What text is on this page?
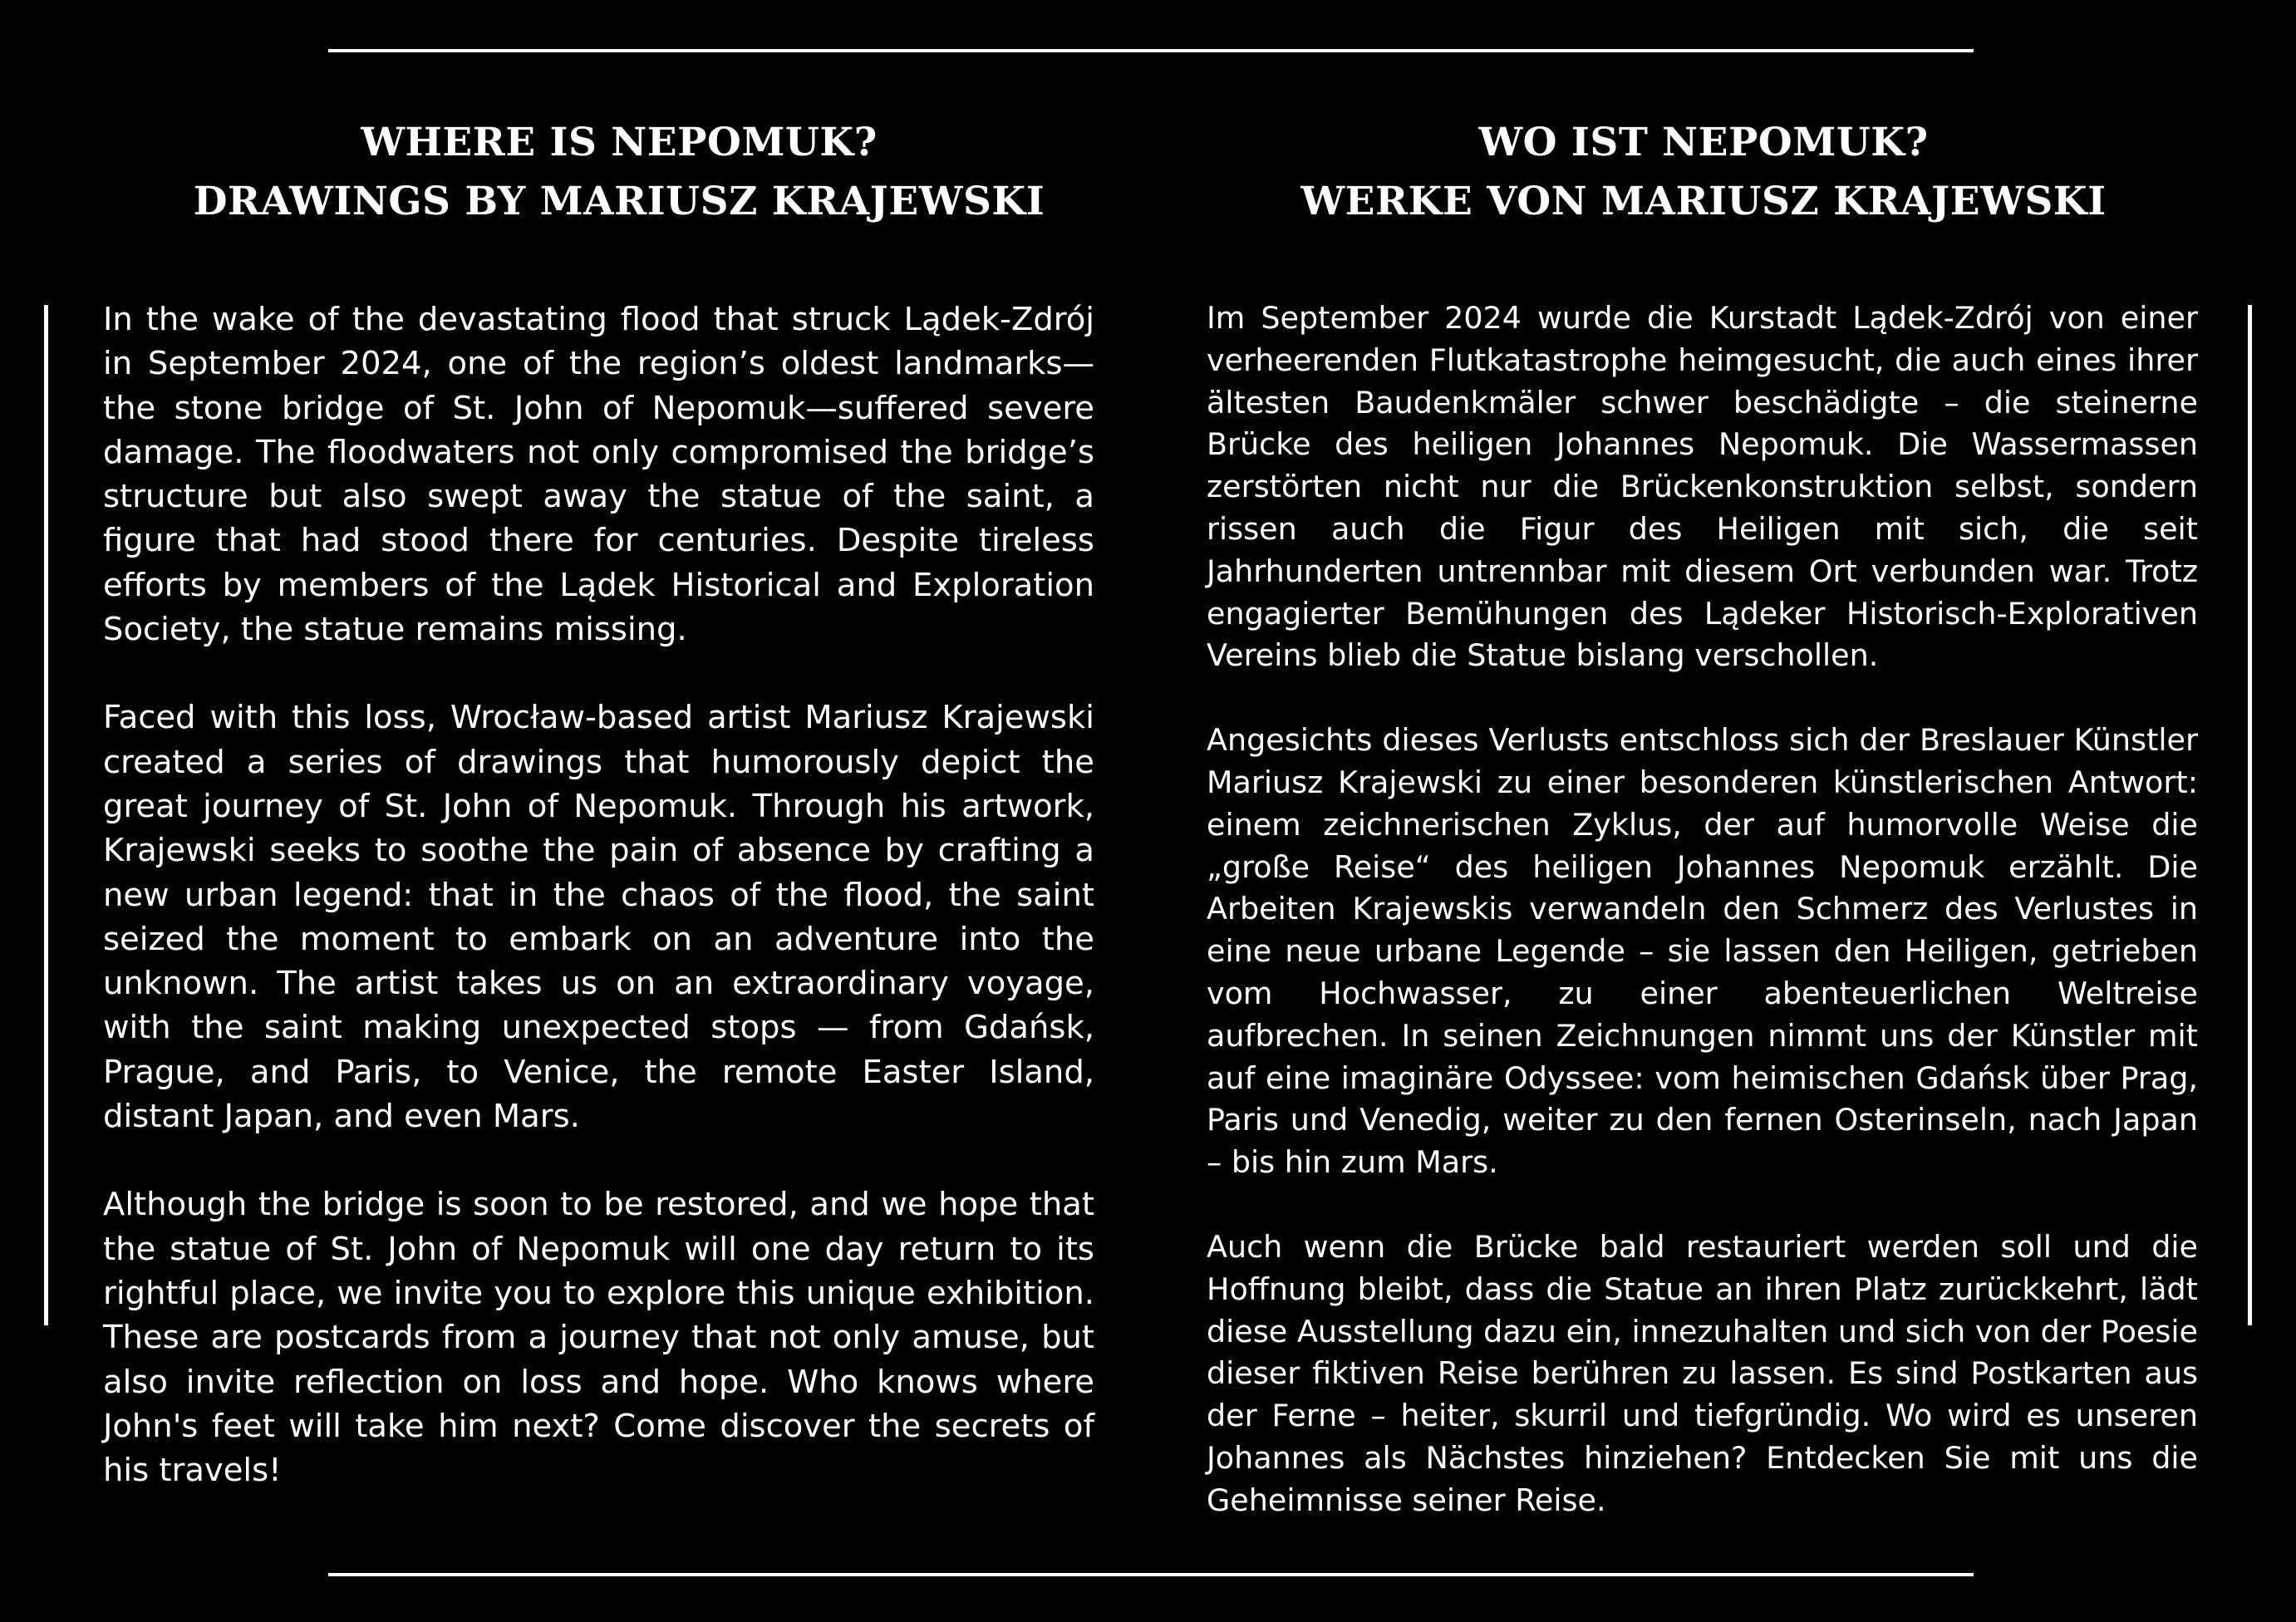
WHERE IS NEPOMUK?
DRAWINGS BY MARIUSZ KRAJEWSKI
WO IST NEPOMUK?
WERKE VON MARIUSZ KRAJEWSKI

In the wake of the devastating flood that struck Lądek-Zdrój in September 2024, one of the region’s oldest landmarks—the stone bridge of St. John of Nepomuk—suffered severe damage. The floodwaters not only compromised the bridge’s structure but also swept away the statue of the saint, a figure that had stood there for centuries. Despite tireless efforts by members of the Lądek Historical and Exploration Society, the statue remains missing.

Faced with this loss, Wrocław-based artist Mariusz Krajewski created a series of drawings that humorously depict the great journey of St. John of Nepomuk. Through his artwork, Krajewski seeks to soothe the pain of absence by crafting a new urban legend: that in the chaos of the flood, the saint seized the moment to embark on an adventure into the unknown. The artist takes us on an extraordinary voyage, with the saint making unexpected stops — from Gdańsk, Prague, and Paris, to Venice, the remote Easter Island, distant Japan, and even Mars.

Although the bridge is soon to be restored, and we hope that the statue of St. John of Nepomuk will one day return to its rightful place, we invite you to explore this unique exhibition. These are postcards from a journey that not only amuse, but also invite reflection on loss and hope. Who knows where John's feet will take him next? Come discover the secrets of his travels!

Im September 2024 wurde die Kurstadt Lądek-Zdrój von einer verheerenden Flutkatastrophe heimgesucht, die auch eines ihrer ältesten Baudenkmäler schwer beschädigte – die steinerne Brücke des heiligen Johannes Nepomuk. Die Wassermassen zerstörten nicht nur die Brückenkonstruktion selbst, sondern rissen auch die Figur des Heiligen mit sich, die seit Jahrhunderten untrennbar mit diesem Ort verbunden war. Trotz engagierter Bemühungen des Lądeker Historisch-Explorativen Vereins blieb die Statue bislang verschollen.

Angesichts dieses Verlusts entschloss sich der Breslauer Künstler Mariusz Krajewski zu einer besonderen künstlerischen Antwort: einem zeichnerischen Zyklus, der auf humorvolle Weise die „große Reise“ des heiligen Johannes Nepomuk erzählt. Die Arbeiten Krajewskis verwandeln den Schmerz des Verlustes in eine neue urbane Legende – sie lassen den Heiligen, getrieben vom Hochwasser, zu einer abenteuerlichen Weltreise aufbrechen. In seinen Zeichnungen nimmt uns der Künstler mit auf eine imaginäre Odyssee: vom heimischen Gdańsk über Prag, Paris und Venedig, weiter zu den fernen Osterinseln, nach Japan – bis hin zum Mars.

Auch wenn die Brücke bald restauriert werden soll und die Hoffnung bleibt, dass die Statue an ihren Platz zurückkehrt, lädt diese Ausstellung dazu ein, innezuhalten und sich von der Poesie dieser fiktiven Reise berühren zu lassen. Es sind Postkarten aus der Ferne – heiter, skurril und tiefgründig. Wo wird es unseren Johannes als Nächstes hinziehen? Entdecken Sie mit uns die Geheimnisse seiner Reise.
